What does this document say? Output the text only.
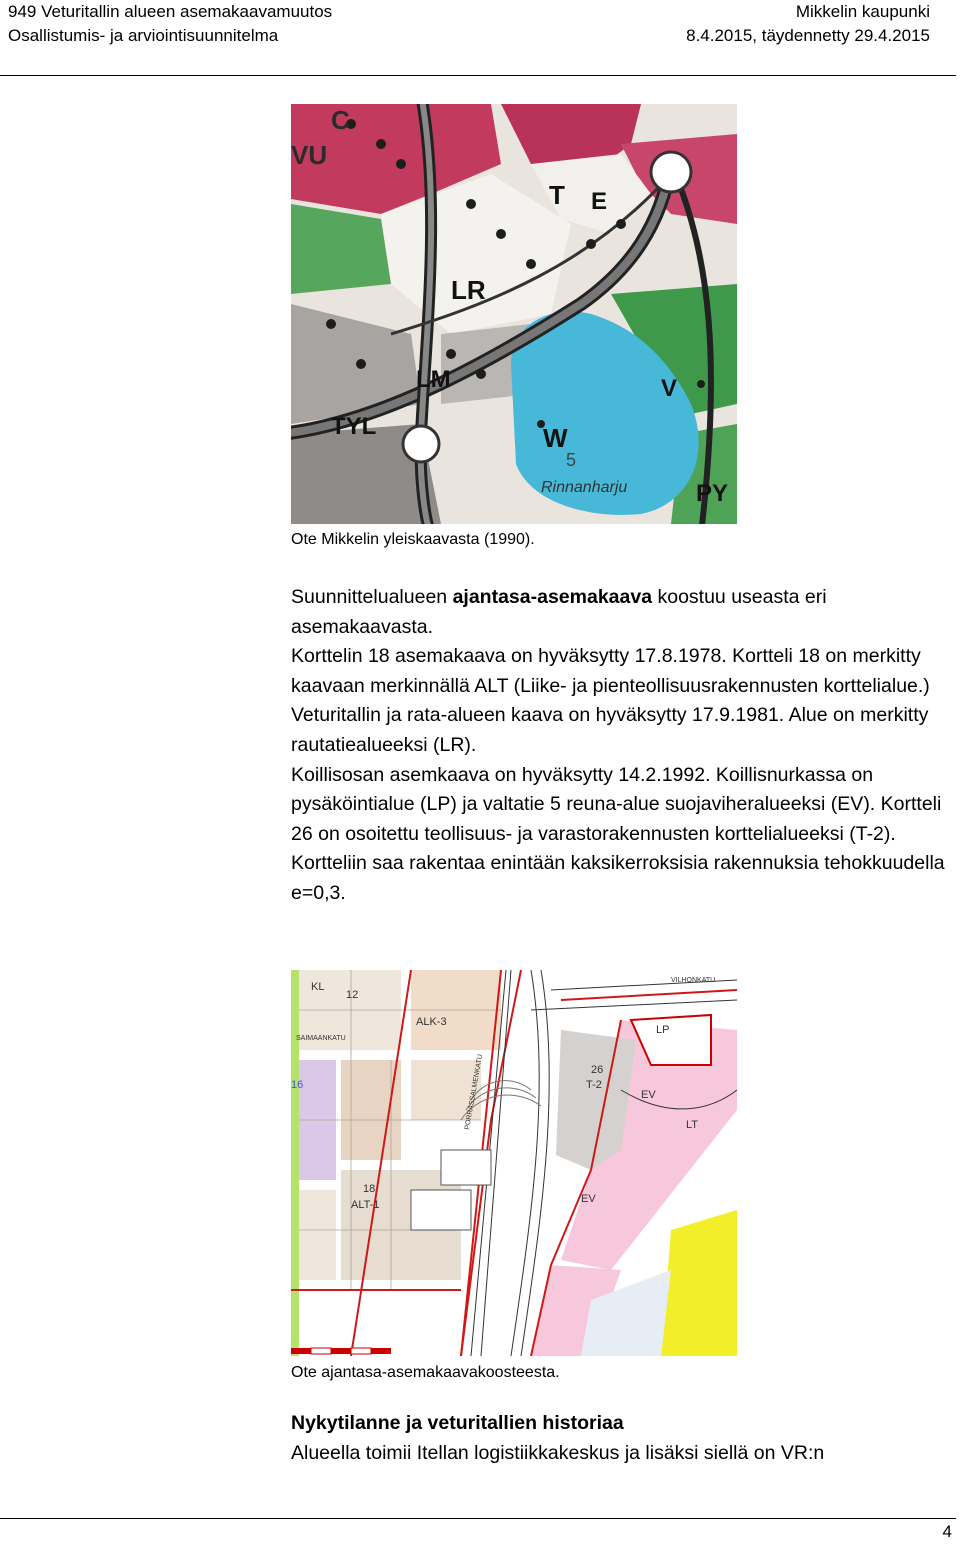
949 Veturitallin alueen asemakaavamuutos
Osallistumis- ja arviointisuunnitelma
Mikkelin kaupunki
8.4.2015, täydennetty 29.4.2015
VU
C
T E
LR
LM
TYL	W
V
PY
5
Rinnanharju
Ote Mikkelin yleiskaavasta (1990).

Suunnittelualueen ajantasa-asemakaava koostuu useasta eri asemakaavasta.

Korttelin 18 asemakaava on hyväksytty 17.8.1978. Kortteli 18 on merkitty kaavaan merkinnällä ALT (Liike- ja pienteollisuusrakennusten korttelialue.)

Veturitallin ja rata-alueen kaava on hyväksytty 17.9.1981. Alue on merkitty rautatiealueeksi (LR).

Koillisosan asemkaava on hyväksytty 14.2.1992. Koillisnurkassa on pysäköintialue (LP) ja valtatie 5 reuna-alue suojaviheralueeksi (EV). Kortteli 26 on osoitettu teollisuus- ja varastorakennusten korttelialueeksi (T-2). Kortteliin saa rakentaa enintään kaksikerroksisia rakennuksia tehokkuudella e=0,3.

LP
26
T-2
EV
EV
LT
KL
ALK-3
ALT-1
18
PORRASSALMENKATU
SAIMAANKATU
VILHONKATU
12
16
Ote ajantasa-asemakaavakoosteesta.
Nykytilanne ja veturitallien historiaa
Alueella toimii Itellan logistiikkakeskus ja lisäksi siellä on VR:n
4
